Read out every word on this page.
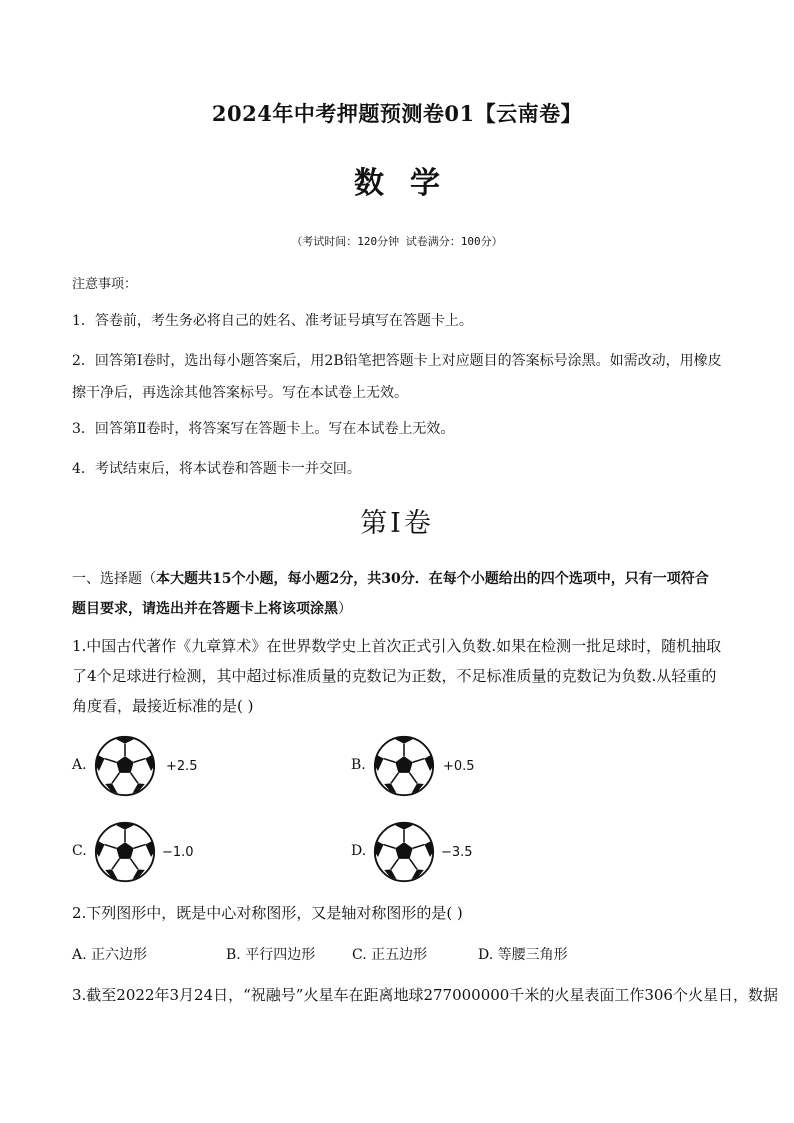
2024年中考押题预测卷01【云南卷】
数学
（考试时间：120分钟 试卷满分：100分）
注意事项：
1．答卷前，考生务必将自己的姓名、准考证号填写在答题卡上。
2．回答第Ⅰ卷时，选出每小题答案后，用2B铅笔把答题卡上对应题目的答案标号涂黑。如需改动，用橡皮擦干净后，再选涂其他答案标号。写在本试卷上无效。
3．回答第Ⅱ卷时，将答案写在答题卡上。写在本试卷上无效。
4．考试结束后，将本试卷和答题卡一并交回。
第Ⅰ卷
一、选择题（本大题共15个小题，每小题2分，共30分．在每个小题给出的四个选项中，只有一项符合题目要求，请选出并在答题卡上将该项涂黑）
1.中国古代著作《九章算术》在世界数学史上首次正式引入负数.如果在检测一批足球时，随机抽取了4个足球进行检测，其中超过标准质量的克数记为正数，不足标准质量的克数记为负数.从轻重的角度看，最接近标准的是( )
A.	+2.5	B.	+0.5
C.	−1.0	D.	−3.5
2.下列图形中，既是中心对称图形，又是轴对称图形的是( )
A. 正六边形	B. 平行四边形	C. 正五边形	D. 等腰三角形
3.截至2022年3月24日，“祝融号”火星车在距离地球277000000千米的火星表面工作306个火星日，数据
